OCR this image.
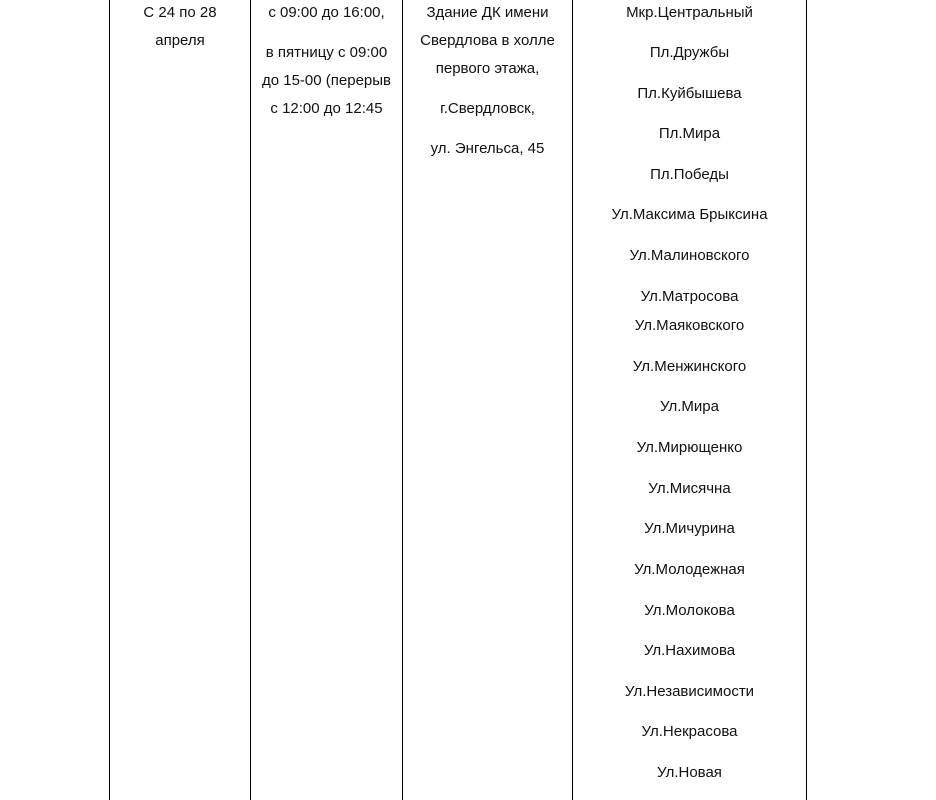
С 24 по 28
апреля
с 09:00 до 16:00,
в пятницу с 09:00
до 15-00 (перерыв
с 12:00 до 12:45
Здание ДК имени
Свердлова в холле
первого этажа,
г.Свердловск,
ул. Энгельса, 45
Мкр.Центральный
Пл.Дружбы
Пл.Куйбышева
Пл.Мира
Пл.Победы
Ул.Максима Брыксина
Ул.Малиновского
Ул.Матросова
Ул.Маяковского
Ул.Менжинского
Ул.Мира
Ул.Мирющенко
Ул.Мисячна
Ул.Мичурина
Ул.Молодежная
Ул.Молокова
Ул.Нахимова
Ул.Независимости
Ул.Некрасова
Ул.Новая
